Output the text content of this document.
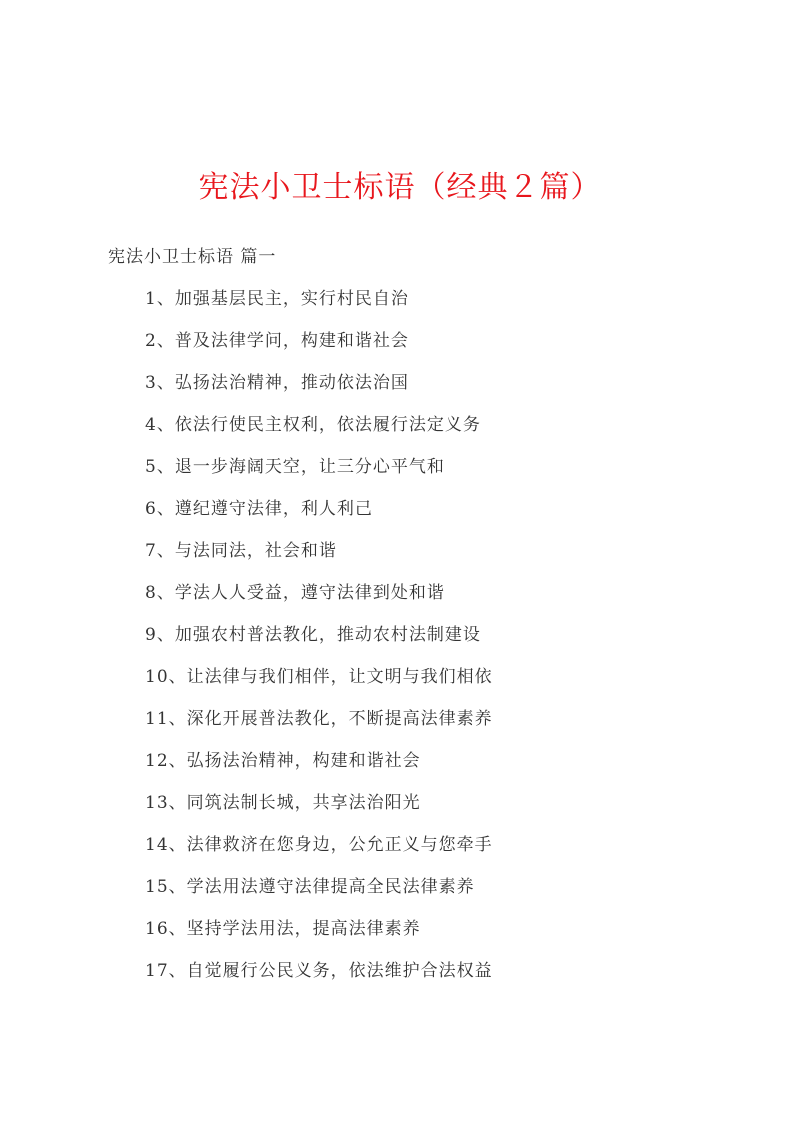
宪法小卫士标语（经典２篇）
宪法小卫士标语 篇一
1、加强基层民主，实行村民自治
2、普及法律学问，构建和谐社会
3、弘扬法治精神，推动依法治国
4、依法行使民主权利，依法履行法定义务
5、退一步海阔天空，让三分心平气和
6、遵纪遵守法律，利人利己
7、与法同法，社会和谐
8、学法人人受益，遵守法律到处和谐
9、加强农村普法教化，推动农村法制建设
10、让法律与我们相伴，让文明与我们相依
11、深化开展普法教化，不断提高法律素养
12、弘扬法治精神，构建和谐社会
13、同筑法制长城，共享法治阳光
14、法律救济在您身边，公允正义与您牵手
15、学法用法遵守法律提高全民法律素养
16、坚持学法用法，提高法律素养
17、自觉履行公民义务，依法维护合法权益
